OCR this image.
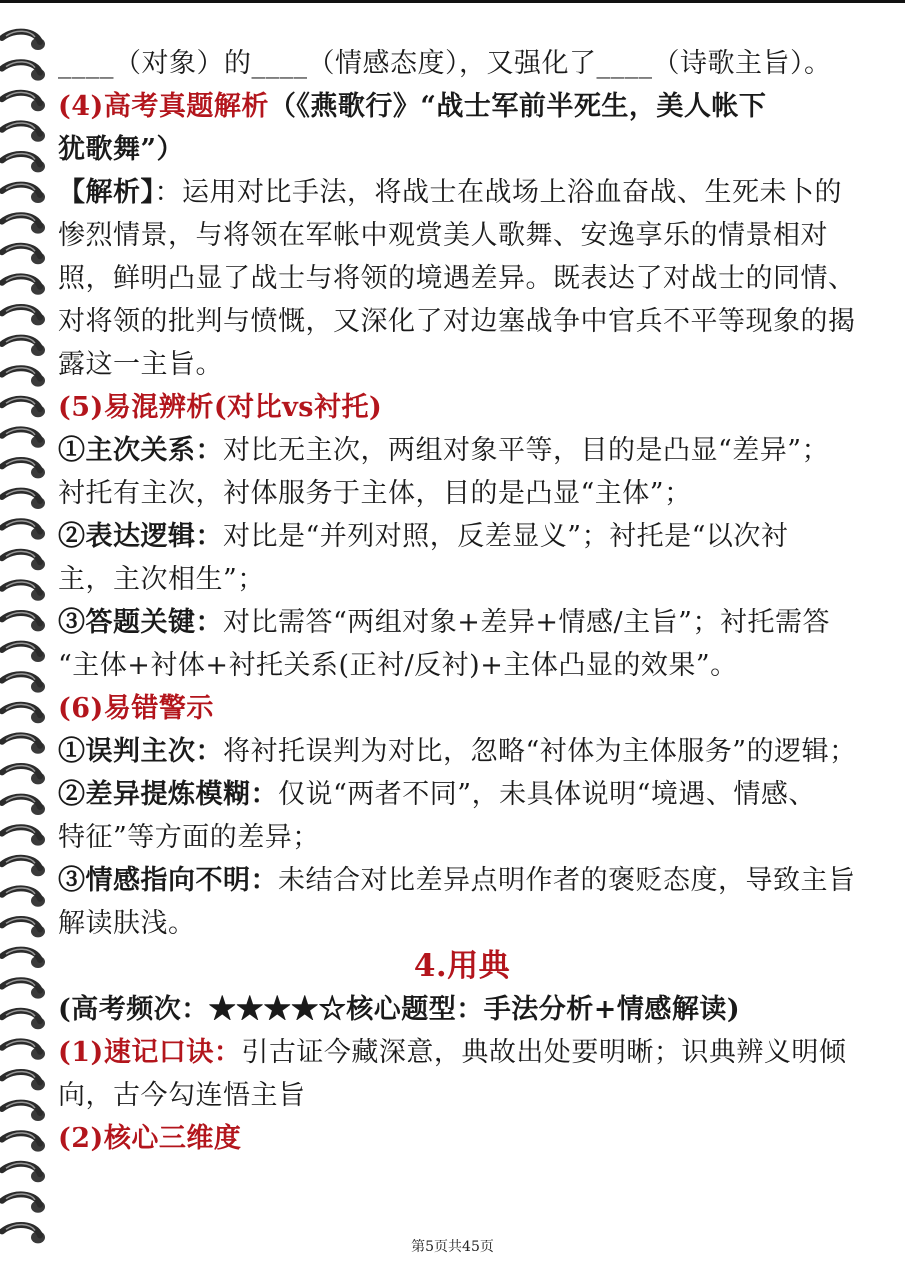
____（对象）的____（情感态度），又强化了____（诗歌主旨）。
(4)高考真题解析（《燕歌行》“战士军前半死生，美人帐下
犹歌舞”）
【解析】：运用对比手法，将战士在战场上浴血奋战、生死未卜的
惨烈情景，与将领在军帐中观赏美人歌舞、安逸享乐的情景相对
照，鲜明凸显了战士与将领的境遇差异。既表达了对战士的同情、
对将领的批判与愤慨，又深化了对边塞战争中官兵不平等现象的揭
露这一主旨。
(5)易混辨析(对比vs衬托)
①主次关系：对比无主次，两组对象平等，目的是凸显“差异”；
衬托有主次，衬体服务于主体，目的是凸显“主体”；
②表达逻辑：对比是“并列对照，反差显义”；衬托是“以次衬
主，主次相生”；
③答题关键：对比需答“两组对象+差异+情感/主旨”；衬托需答
“主体+衬体+衬托关系(正衬/反衬)+主体凸显的效果”。
(6)易错警示
①误判主次：将衬托误判为对比，忽略“衬体为主体服务”的逻辑；
②差异提炼模糊：仅说“两者不同”，未具体说明“境遇、情感、
特征”等方面的差异；
③情感指向不明：未结合对比差异点明作者的褒贬态度，导致主旨
解读肤浅。
4.用典
(高考频次：★★★★☆核心题型：手法分析+情感解读)
(1)速记口诀：引古证今藏深意，典故出处要明晰；识典辨义明倾
向，古今勾连悟主旨
(2)核心三维度
第5页共45页
